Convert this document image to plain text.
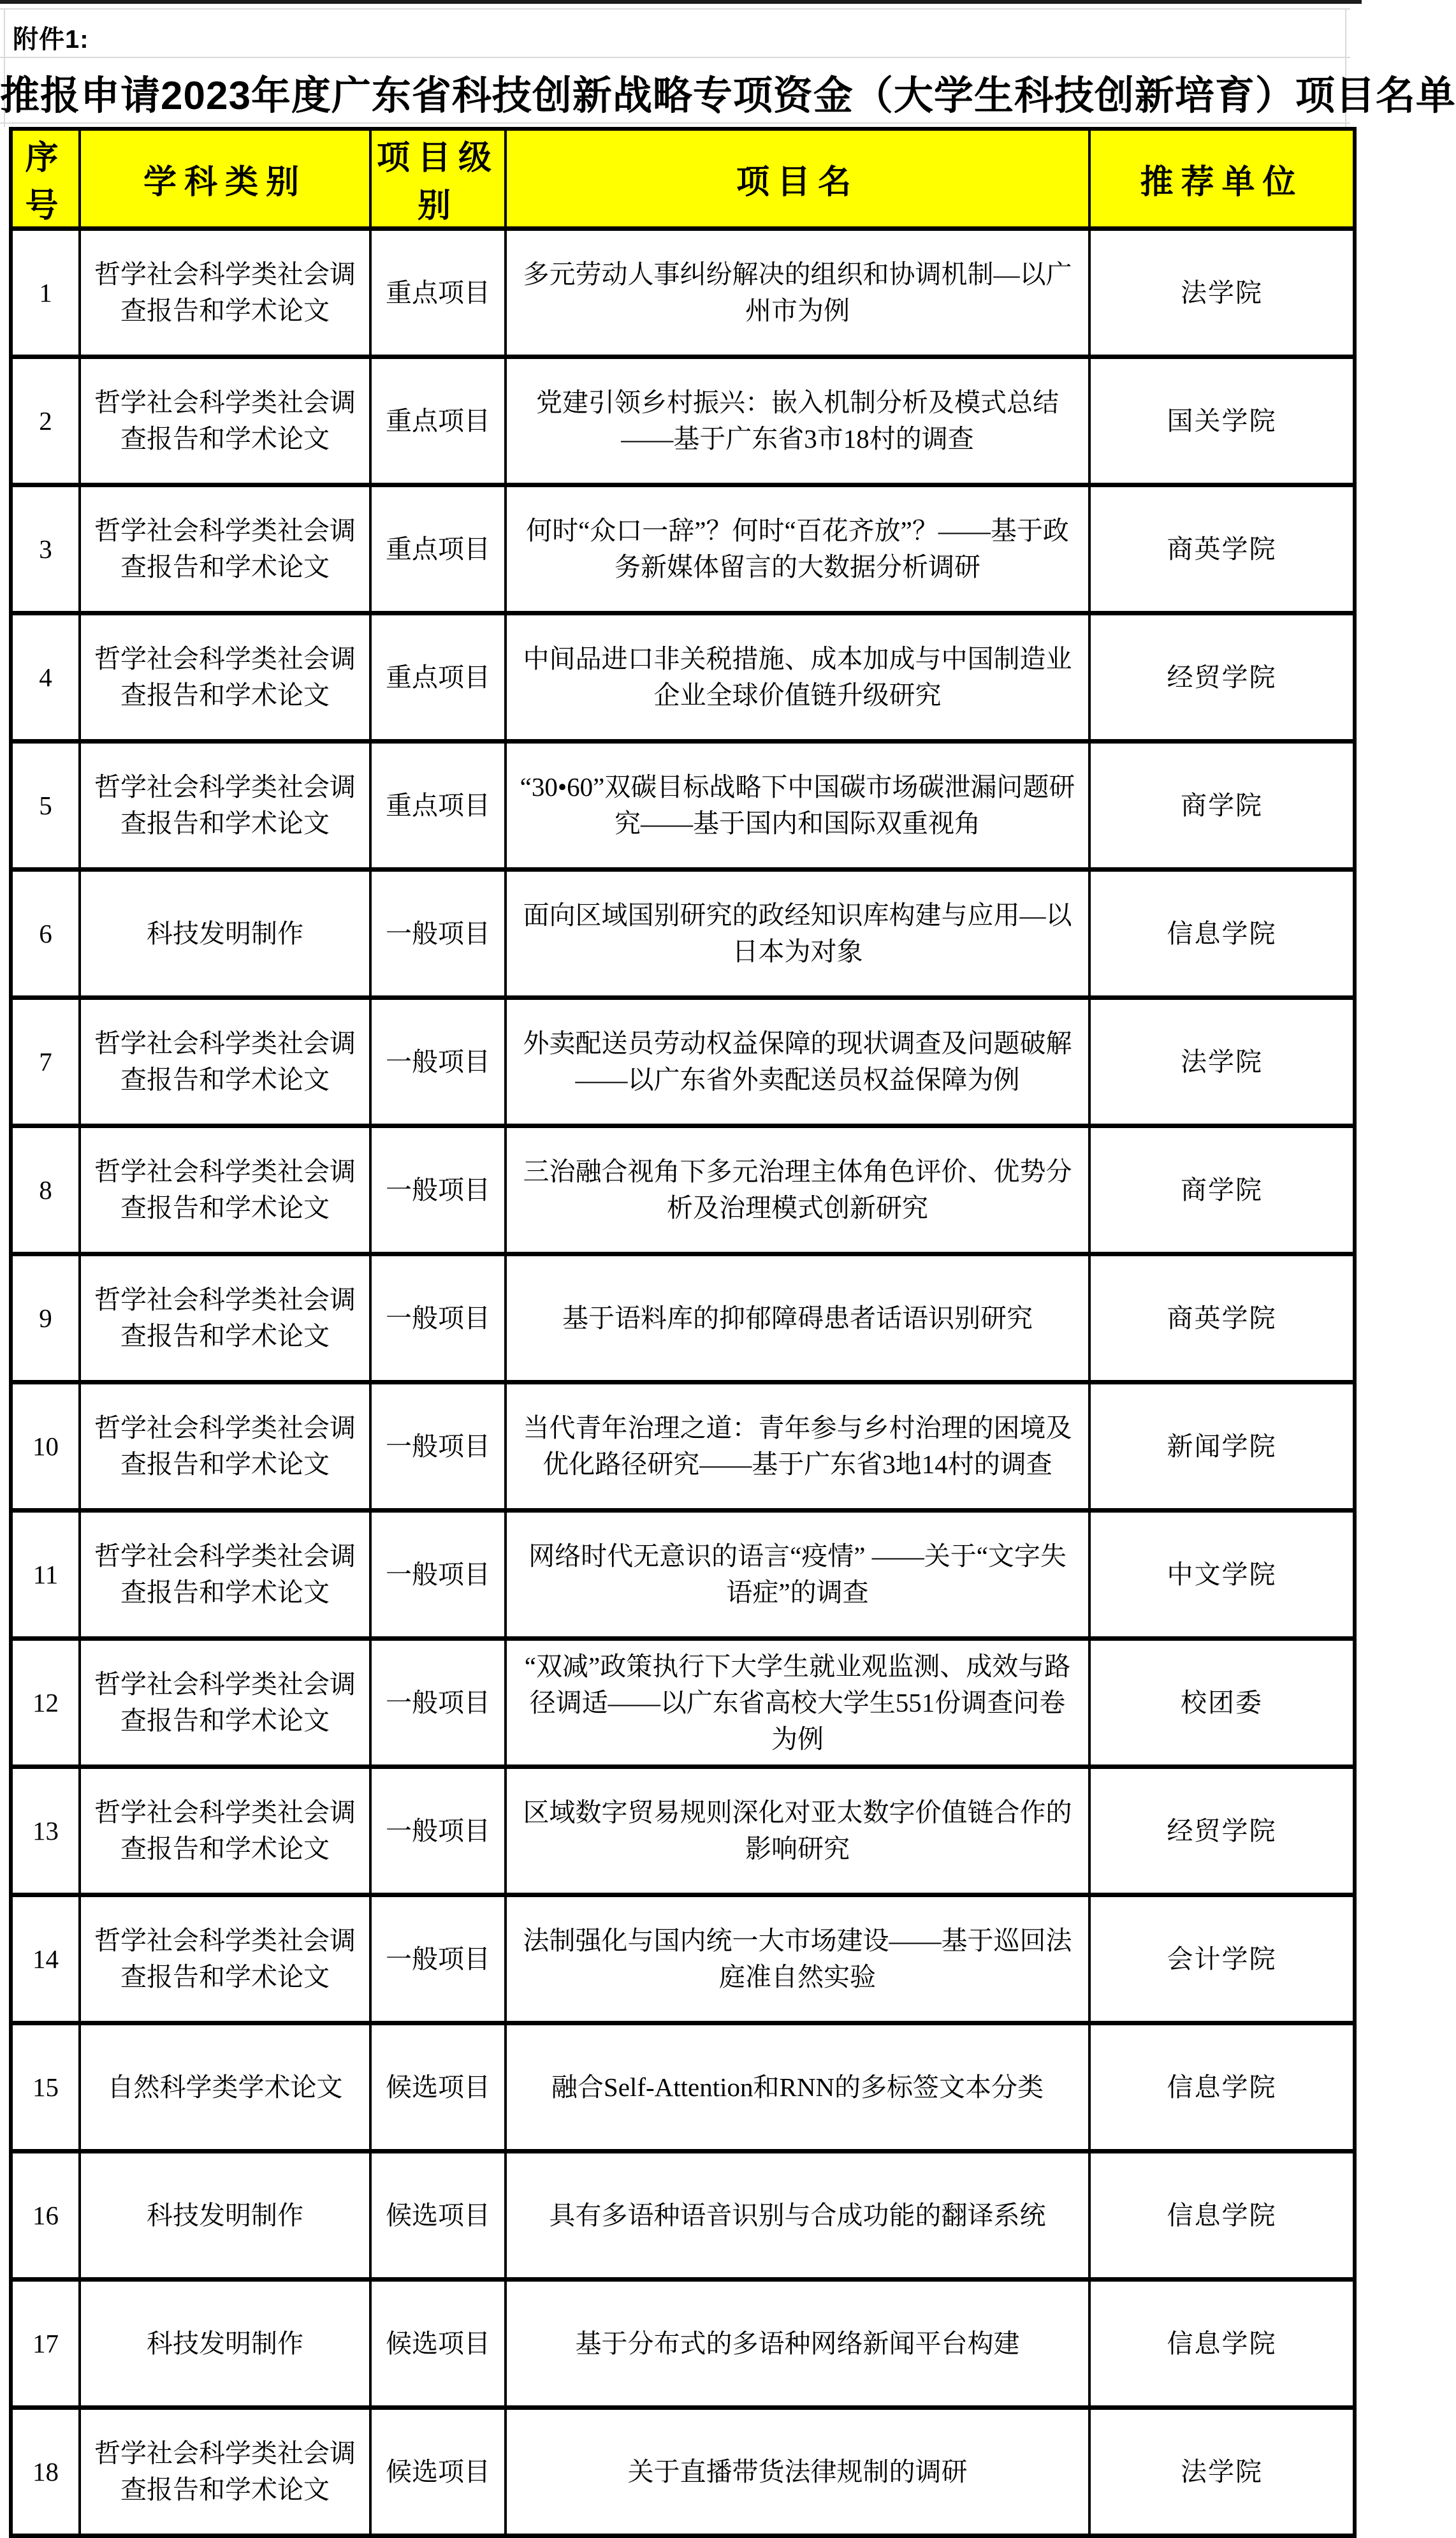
附件1:
推报申请2023年度广东省科技创新战略专项资金（大学生科技创新培育）项目名单
序号	学科类别	项目级别	项目名	推荐单位
1	哲学社会科学类社会调查报告和学术论文	重点项目	多元劳动人事纠纷解决的组织和协调机制—以广州市为例	法学院
2	哲学社会科学类社会调查报告和学术论文	重点项目	党建引领乡村振兴：嵌入机制分析及模式总结——基于广东省3市18村的调查	国关学院
3	哲学社会科学类社会调查报告和学术论文	重点项目	何时“众口一辞”？何时“百花齐放”？——基于政务新媒体留言的大数据分析调研	商英学院
4	哲学社会科学类社会调查报告和学术论文	重点项目	中间品进口非关税措施、成本加成与中国制造业企业全球价值链升级研究	经贸学院
5	哲学社会科学类社会调查报告和学术论文	重点项目	“30•60”双碳目标战略下中国碳市场碳泄漏问题研究——基于国内和国际双重视角	商学院
6	科技发明制作	一般项目	面向区域国别研究的政经知识库构建与应用—以日本为对象	信息学院
7	哲学社会科学类社会调查报告和学术论文	一般项目	外卖配送员劳动权益保障的现状调查及问题破解——以广东省外卖配送员权益保障为例	法学院
8	哲学社会科学类社会调查报告和学术论文	一般项目	三治融合视角下多元治理主体角色评价、优势分析及治理模式创新研究	商学院
9	哲学社会科学类社会调查报告和学术论文	一般项目	基于语料库的抑郁障碍患者话语识别研究	商英学院
10	哲学社会科学类社会调查报告和学术论文	一般项目	当代青年治理之道：青年参与乡村治理的困境及优化路径研究——基于广东省3地14村的调查	新闻学院
11	哲学社会科学类社会调查报告和学术论文	一般项目	网络时代无意识的语言“疫情” ——关于“文字失语症”的调查	中文学院
12	哲学社会科学类社会调查报告和学术论文	一般项目	“双减”政策执行下大学生就业观监测、成效与路径调适——以广东省高校大学生551份调查问卷为例	校团委
13	哲学社会科学类社会调查报告和学术论文	一般项目	区域数字贸易规则深化对亚太数字价值链合作的影响研究	经贸学院
14	哲学社会科学类社会调查报告和学术论文	一般项目	法制强化与国内统一大市场建设——基于巡回法庭准自然实验	会计学院
15	自然科学类学术论文	候选项目	融合Self-Attention和RNN的多标签文本分类	信息学院
16	科技发明制作	候选项目	具有多语种语音识别与合成功能的翻译系统	信息学院
17	科技发明制作	候选项目	基于分布式的多语种网络新闻平台构建	信息学院
18	哲学社会科学类社会调查报告和学术论文	候选项目	关于直播带货法律规制的调研	法学院
